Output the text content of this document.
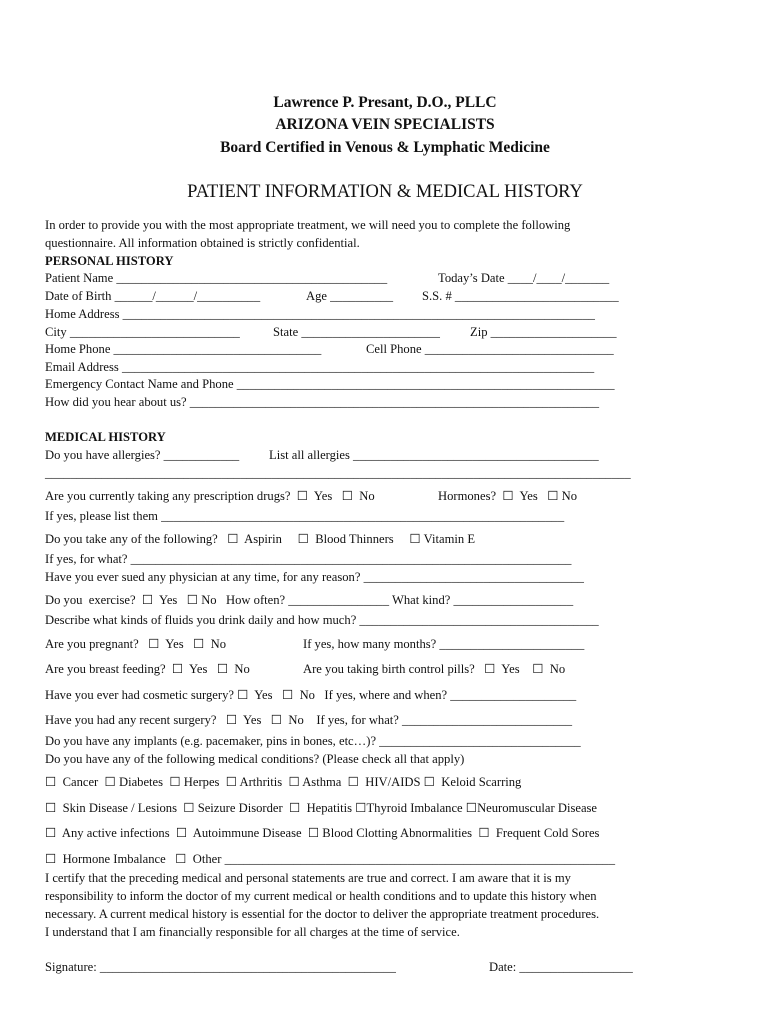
Lawrence P. Presant, D.O., PLLC
ARIZONA VEIN SPECIALISTS
Board Certified in Venous & Lymphatic Medicine
PATIENT INFORMATION & MEDICAL HISTORY
In order to provide you with the most appropriate treatment, we will need you to complete the following
questionnaire. All information obtained is strictly confidential.
PERSONAL HISTORY
Patient Name ___________________________________________	Today’s Date ____/____/_______
Date of Birth ______/______/__________	Age __________ S.S. # __________________________
Home Address ___________________________________________________________________________
City ___________________________	State ______________________ Zip ____________________
Home Phone _________________________________	Cell Phone ______________________________
Email Address ___________________________________________________________________________
Emergency Contact Name and Phone ____________________________________________________________
How did you hear about us? _________________________________________________________________
MEDICAL HISTORY
Do you have allergies? ____________ List all allergies _______________________________________
_____________________________________________________________________________________________
Are you currently taking any prescription drugs?  ☐  Yes   ☐  No	Hormones?  ☐  Yes   ☐ No
If yes, please list them ________________________________________________________________
Do you take any of the following?   ☐  Aspirin     ☐  Blood Thinners     ☐ Vitamin E
If yes, for what? ______________________________________________________________________
Have you ever sued any physician at any time, for any reason? ___________________________________
Do you  exercise?  ☐  Yes   ☐ No   How often? ________________ What kind? ___________________
Describe what kinds of fluids you drink daily and how much? ______________________________________
Are you pregnant?   ☐  Yes   ☐  No	If yes, how many months? _______________________
Are you breast feeding?  ☐  Yes   ☐  No	Are you taking birth control pills?   ☐  Yes    ☐  No
Have you ever had cosmetic surgery? ☐  Yes   ☐  No   If yes, where and when? ____________________
Have you had any recent surgery?   ☐  Yes   ☐  No    If yes, for what? ___________________________
Do you have any implants (e.g. pacemaker, pins in bones, etc…)? ________________________________
Do you have any of the following medical conditions? (Please check all that apply)
☐  Cancer  ☐ Diabetes  ☐ Herpes  ☐ Arthritis  ☐ Asthma  ☐  HIV/AIDS ☐  Keloid Scarring
☐  Skin Disease / Lesions  ☐ Seizure Disorder  ☐  Hepatitis ☐Thyroid Imbalance ☐Neuromuscular Disease
☐  Any active infections  ☐  Autoimmune Disease  ☐ Blood Clotting Abnormalities  ☐  Frequent Cold Sores
☐  Hormone Imbalance   ☐  Other ______________________________________________________________
I certify that the preceding medical and personal statements are true and correct. I am aware that it is my
responsibility to inform the doctor of my current medical or health conditions and to update this history when
necessary. A current medical history is essential for the doctor to deliver the appropriate treatment procedures.
I understand that I am financially responsible for all charges at the time of service.
Signature: _______________________________________________	Date: __________________
